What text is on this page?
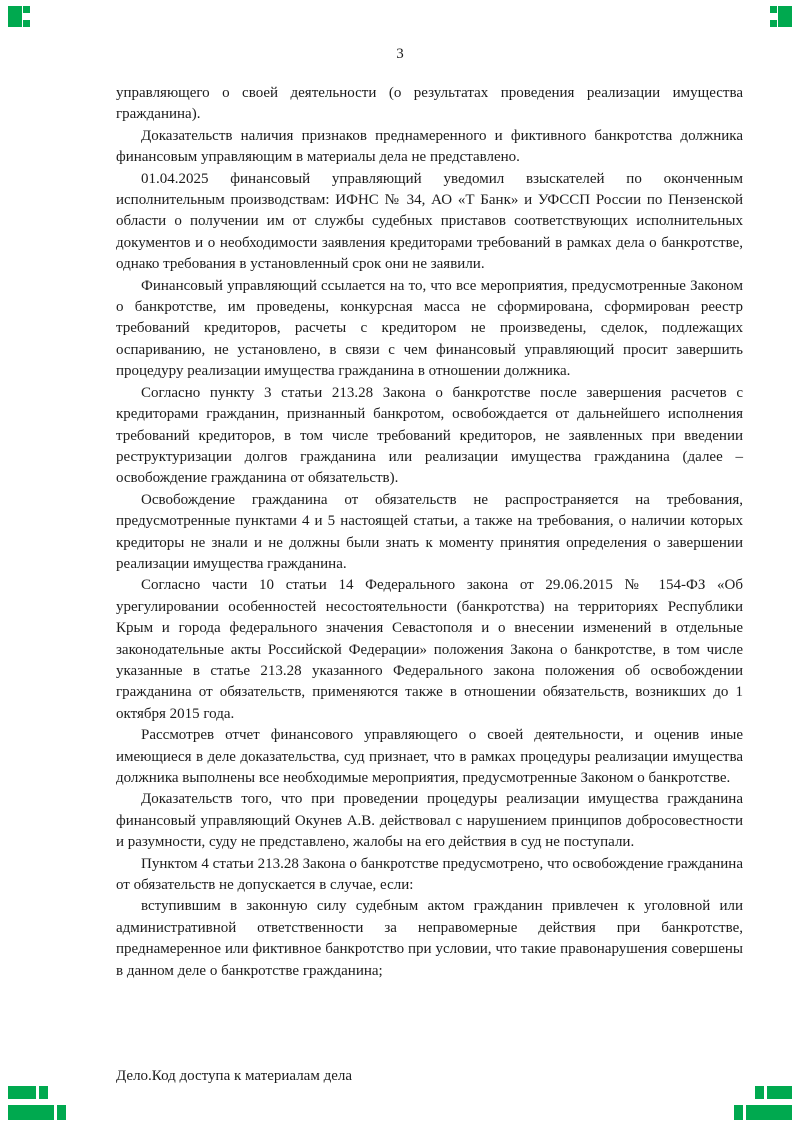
3

управляющего о своей деятельности (о результатах проведения реализации имущества гражданина).

Доказательств наличия признаков преднамеренного и фиктивного банкротства должника финансовым управляющим в материалы дела не представлено.

01.04.2025 финансовый управляющий уведомил взыскателей по оконченным исполнительным производствам: ИФНС № 34, АО «Т Банк» и УФССП России по Пензенской области о получении им от службы судебных приставов соответствующих исполнительных документов и о необходимости заявления кредиторами требований в рамках дела о банкротстве, однако требования в установленный срок они не заявили.

Финансовый управляющий ссылается на то, что все мероприятия, предусмотренные Законом о банкротстве, им проведены, конкурсная масса не сформирована, сформирован реестр требований кредиторов, расчеты с кредитором не произведены, сделок, подлежащих оспариванию, не установлено, в связи с чем финансовый управляющий просит завершить процедуру реализации имущества гражданина в отношении должника.

Согласно пункту 3 статьи 213.28 Закона о банкротстве после завершения расчетов с кредиторами гражданин, признанный банкротом, освобождается от дальнейшего исполнения требований кредиторов, в том числе требований кредиторов, не заявленных при введении реструктуризации долгов гражданина или реализации имущества гражданина (далее – освобождение гражданина от обязательств).

Освобождение гражданина от обязательств не распространяется на требования, предусмотренные пунктами 4 и 5 настоящей статьи, а также на требования, о наличии которых кредиторы не знали и не должны были знать к моменту принятия определения о завершении реализации имущества гражданина.

Согласно части 10 статьи 14 Федерального закона от 29.06.2015 № 154-ФЗ «Об урегулировании особенностей несостоятельности (банкротства) на территориях Республики Крым и города федерального значения Севастополя и о внесении изменений в отдельные законодательные акты Российской Федерации» положения Закона о банкротстве, в том числе указанные в статье 213.28 указанного Федерального закона положения об освобождении гражданина от обязательств, применяются также в отношении обязательств, возникших до 1 октября 2015 года.

Рассмотрев отчет финансового управляющего о своей деятельности, и оценив иные имеющиеся в деле доказательства, суд признает, что в рамках процедуры реализации имущества должника выполнены все необходимые мероприятия, предусмотренные Законом о банкротстве.

Доказательств того, что при проведении процедуры реализации имущества гражданина финансовый управляющий Окунев А.В. действовал с нарушением принципов добросовестности и разумности, суду не представлено, жалобы на его действия в суд не поступали.

Пунктом 4 статьи 213.28 Закона о банкротстве предусмотрено, что освобождение гражданина от обязательств не допускается в случае, если:

вступившим в законную силу судебным актом гражданин привлечен к уголовной или административной ответственности за неправомерные действия при банкротстве, преднамеренное или фиктивное банкротство при условии, что такие правонарушения совершены в данном деле о банкротстве гражданина;

Дело.Код доступа к материалам дела
